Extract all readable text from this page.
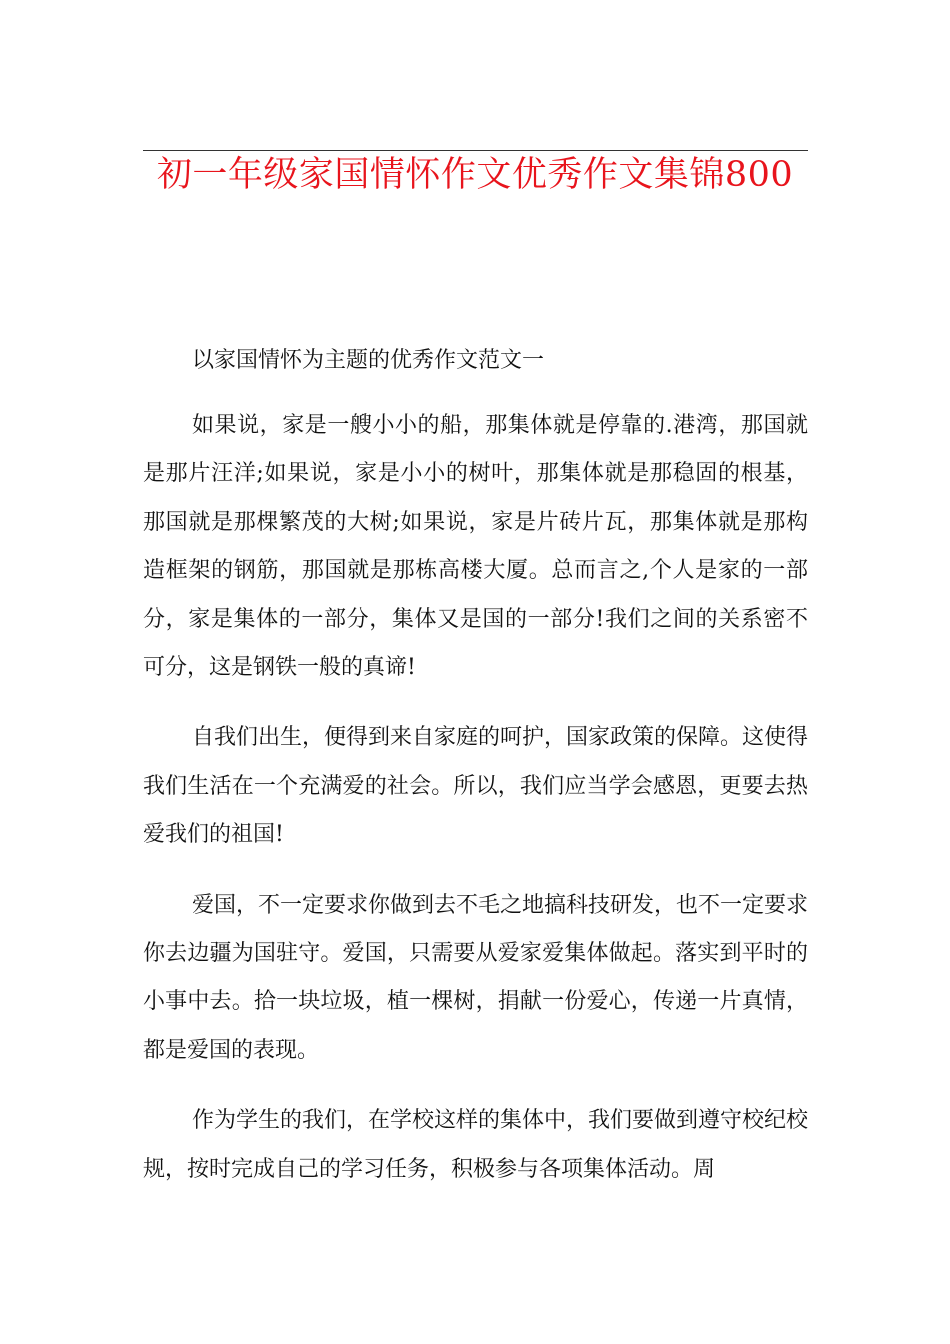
初一年级家国情怀作文优秀作文集锦800

以家国情怀为主题的优秀作文范文一

如果说，家是一艘小小的船，那集体就是停靠的.港湾，那国就是那片汪洋;如果说，家是小小的树叶，那集体就是那稳固的根基，那国就是那棵繁茂的大树;如果说，家是片砖片瓦，那集体就是那构造框架的钢筋，那国就是那栋高楼大厦。总而言之,个人是家的一部分，家是集体的一部分，集体又是国的一部分!我们之间的关系密不可分，这是钢铁一般的真谛!

自我们出生，便得到来自家庭的呵护，国家政策的保障。这使得我们生活在一个充满爱的社会。所以，我们应当学会感恩，更要去热爱我们的祖国!

爱国，不一定要求你做到去不毛之地搞科技研发，也不一定要求你去边疆为国驻守。爱国，只需要从爱家爱集体做起。落实到平时的小事中去。拾一块垃圾，植一棵树，捐献一份爱心，传递一片真情，都是爱国的表现。

作为学生的我们，在学校这样的集体中，我们要做到遵守校纪校规，按时完成自己的学习任务，积极参与各项集体活动。周
